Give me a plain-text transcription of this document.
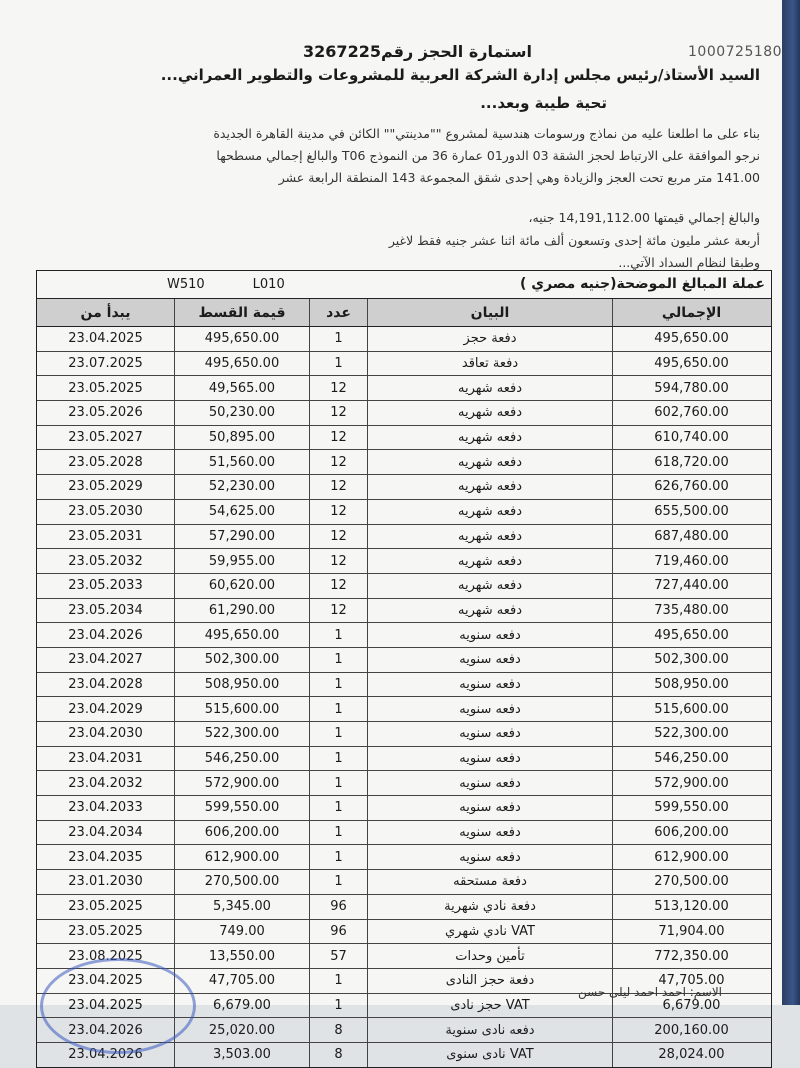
1000725180
استمارة الحجز رقم3267225
السيد الأستاذ/رئيس مجلس إدارة الشركة العربية للمشروعات والتطوير العمراني...
تحية طيبة وبعد...
بناء على ما اطلعنا عليه من نماذج ورسومات هندسية لمشروع ""مدينتي"" الكائن في مدينة القاهرة الجديدة
نرجو الموافقة على الارتباط لحجز الشقة 03 الدور01 عمارة 36 من النموذج T06 والبالغ إجمالي مسطحها
141.00 متر مربع تحت العجز والزيادة وهي إحدى شقق المجموعة 143 المنطقة الرابعة عشر
والبالغ إجمالي قيمتها 14,191,112.00 جنيه،
أربعة عشر مليون مائة إحدى وتسعون ألف مائة اثنا عشر جنيه فقط لاغير
وطبقا لنظام السداد الآتي...
W510	L010	عملة المبالغ الموضحة(جنيه مصري )
يبدأ من	قيمة القسط	عدد	البيان	الإجمالي
23.04.2025	495,650.00	1	دفعة حجز	495,650.00
23.07.2025	495,650.00	1	دفعة تعاقد	495,650.00
23.05.2025	49,565.00	12	دفعه شهريه	594,780.00
23.05.2026	50,230.00	12	دفعه شهريه	602,760.00
23.05.2027	50,895.00	12	دفعه شهريه	610,740.00
23.05.2028	51,560.00	12	دفعه شهريه	618,720.00
23.05.2029	52,230.00	12	دفعه شهريه	626,760.00
23.05.2030	54,625.00	12	دفعه شهريه	655,500.00
23.05.2031	57,290.00	12	دفعه شهريه	687,480.00
23.05.2032	59,955.00	12	دفعه شهريه	719,460.00
23.05.2033	60,620.00	12	دفعه شهريه	727,440.00
23.05.2034	61,290.00	12	دفعه شهريه	735,480.00
23.04.2026	495,650.00	1	دفعه سنويه	495,650.00
23.04.2027	502,300.00	1	دفعه سنويه	502,300.00
23.04.2028	508,950.00	1	دفعه سنويه	508,950.00
23.04.2029	515,600.00	1	دفعه سنويه	515,600.00
23.04.2030	522,300.00	1	دفعه سنويه	522,300.00
23.04.2031	546,250.00	1	دفعه سنويه	546,250.00
23.04.2032	572,900.00	1	دفعه سنويه	572,900.00
23.04.2033	599,550.00	1	دفعه سنويه	599,550.00
23.04.2034	606,200.00	1	دفعه سنويه	606,200.00
23.04.2035	612,900.00	1	دفعه سنويه	612,900.00
23.01.2030	270,500.00	1	دفعة مستحقه	270,500.00
23.05.2025	5,345.00	96	دفعة نادي شهرية	513,120.00
23.05.2025	749.00	96	VAT نادي شهري	71,904.00
23.08.2025	13,550.00	57	تأمين وحدات	772,350.00
23.04.2025	47,705.00	1	دفعة حجز النادى	47,705.00
23.04.2025	6,679.00	1	VAT حجز نادى	6,679.00
23.04.2026	25,020.00	8	دفعه نادى سنوية	200,160.00
23.04.2026	3,503.00	8	VAT نادى سنوى	28,024.00
الاسم: احمد احمد ليلى حسن
